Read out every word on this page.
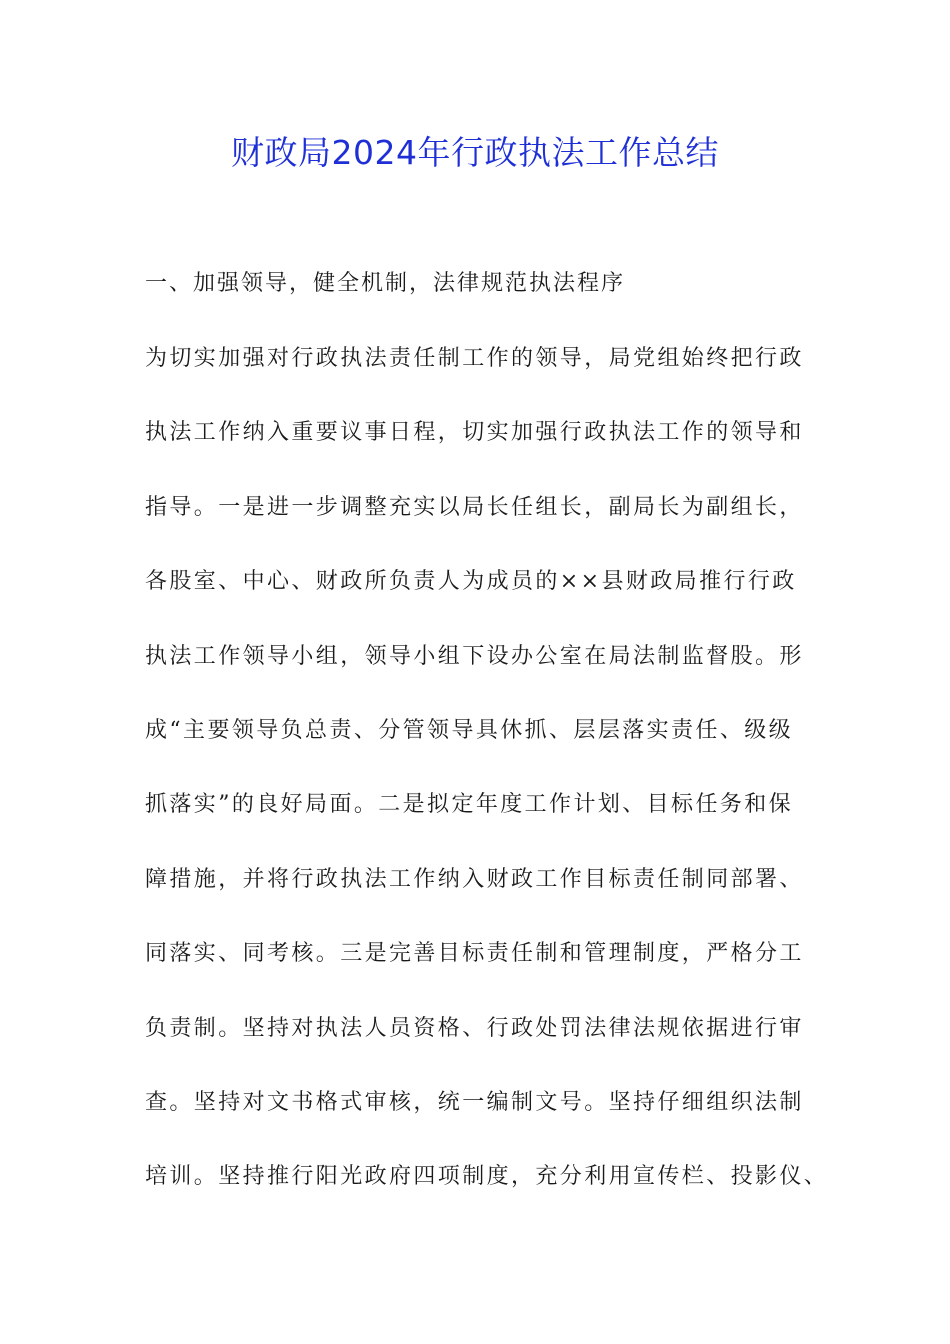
财政局2024年行政执法工作总结
一、加强领导，健全机制，法律规范执法程序
为切实加强对行政执法责任制工作的领导，局党组始终把行政
执法工作纳入重要议事日程，切实加强行政执法工作的领导和
指导。一是进一步调整充实以局长任组长，副局长为副组长，
各股室、中心、财政所负责人为成员的××县财政局推行行政
执法工作领导小组，领导小组下设办公室在局法制监督股。形
成“主要领导负总责、分管领导具休抓、层层落实责任、级级
抓落实”的良好局面。二是拟定年度工作计划、目标任务和保
障措施，并将行政执法工作纳入财政工作目标责任制同部署、
同落实、同考核。三是完善目标责任制和管理制度，严格分工
负责制。坚持对执法人员资格、行政处罚法律法规依据进行审
查。坚持对文书格式审核，统一编制文号。坚持仔细组织法制
培训。坚持推行阳光政府四项制度，充分利用宣传栏、投影仪、
